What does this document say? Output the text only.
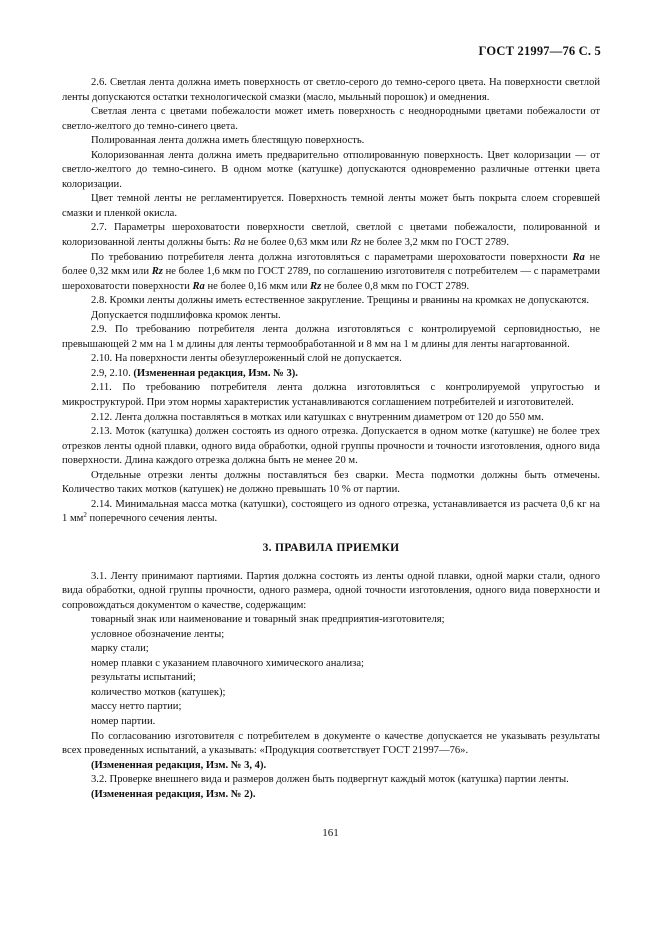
ГОСТ 21997—76 С. 5

2.6. Светлая лента должна иметь поверхность от светло-серого до темно-серого цвета. На поверхности светлой ленты допускаются остатки технологической смазки (масло, мыльный порошок) и омеднения.

Светлая лента с цветами побежалости может иметь поверхность с неоднородными цветами побежалости от светло-желтого до темно-синего цвета.

Полированная лента должна иметь блестящую поверхность.

Колоризованная лента должна иметь предварительно отполированную поверхность. Цвет колоризации — от светло-желтого до темно-синего. В одном мотке (катушке) допускаются одновременно различные оттенки цвета колоризации.

Цвет темной ленты не регламентируется. Поверхность темной ленты может быть покрыта слоем сгоревшей смазки и пленкой окисла.

2.7. Параметры шероховатости поверхности светлой, светлой с цветами побежалости, полированной и колоризованной ленты должны быть: Ra не более 0,63 мкм или Rz не более 3,2 мкм по ГОСТ 2789.

По требованию потребителя лента должна изготовляться с параметрами шероховатости поверхности Ra не более 0,32 мкм или Rz не более 1,6 мкм по ГОСТ 2789, по соглашению изготовителя с потребителем — с параметрами шероховатости поверхности Ra не более 0,16 мкм или Rz не более 0,8 мкм по ГОСТ 2789.

2.8. Кромки ленты должны иметь естественное закругление. Трещины и рванины на кромках не допускаются.

Допускается подшлифовка кромок ленты.

2.9. По требованию потребителя лента должна изготовляться с контролируемой серповидностью, не превышающей 2 мм на 1 м длины для ленты термообработанной и 8 мм на 1 м длины для ленты нагартованной.

2.10. На поверхности ленты обезуглероженный слой не допускается.

2.9, 2.10. (Измененная редакция, Изм. № 3).

2.11. По требованию потребителя лента должна изготовляться с контролируемой упругостью и микроструктурой. При этом нормы характеристик устанавливаются соглашением потребителей и изготовителей.

2.12. Лента должна поставляться в мотках или катушках с внутренним диаметром от 120 до 550 мм.

2.13. Моток (катушка) должен состоять из одного отрезка. Допускается в одном мотке (катушке) не более трех отрезков ленты одной плавки, одного вида обработки, одной группы прочности и точности изготовления, одного вида поверхности. Длина каждого отрезка должна быть не менее 20 м.

Отдельные отрезки ленты должны поставляться без сварки. Места подмотки должны быть отмечены. Количество таких мотков (катушек) не должно превышать 10 % от партии.

2.14. Минимальная масса мотка (катушки), состоящего из одного отрезка, устанавливается из расчета 0,6 кг на 1 $мм^2$ поперечного сечения ленты.

3. ПРАВИЛА ПРИЕМКИ

3.1. Ленту принимают партиями. Партия должна состоять из ленты одной плавки, одной марки стали, одного вида обработки, одной группы прочности, одного размера, одной точности изготовления, одного вида поверхности и сопровождаться документом о качестве, содержащим:

товарный знак или наименование и товарный знак предприятия-изготовителя;

условное обозначение ленты;

марку стали;

номер плавки с указанием плавочного химического анализа;

результаты испытаний;

количество мотков (катушек);

массу нетто партии;

номер партии.

По согласованию изготовителя с потребителем в документе о качестве допускается не указывать результаты всех проведенных испытаний, а указывать: «Продукция соответствует ГОСТ 21997—76».

(Измененная редакция, Изм. № 3, 4).

3.2. Проверке внешнего вида и размеров должен быть подвергнут каждый моток (катушка) партии ленты.

(Измененная редакция, Изм. № 2).

161
